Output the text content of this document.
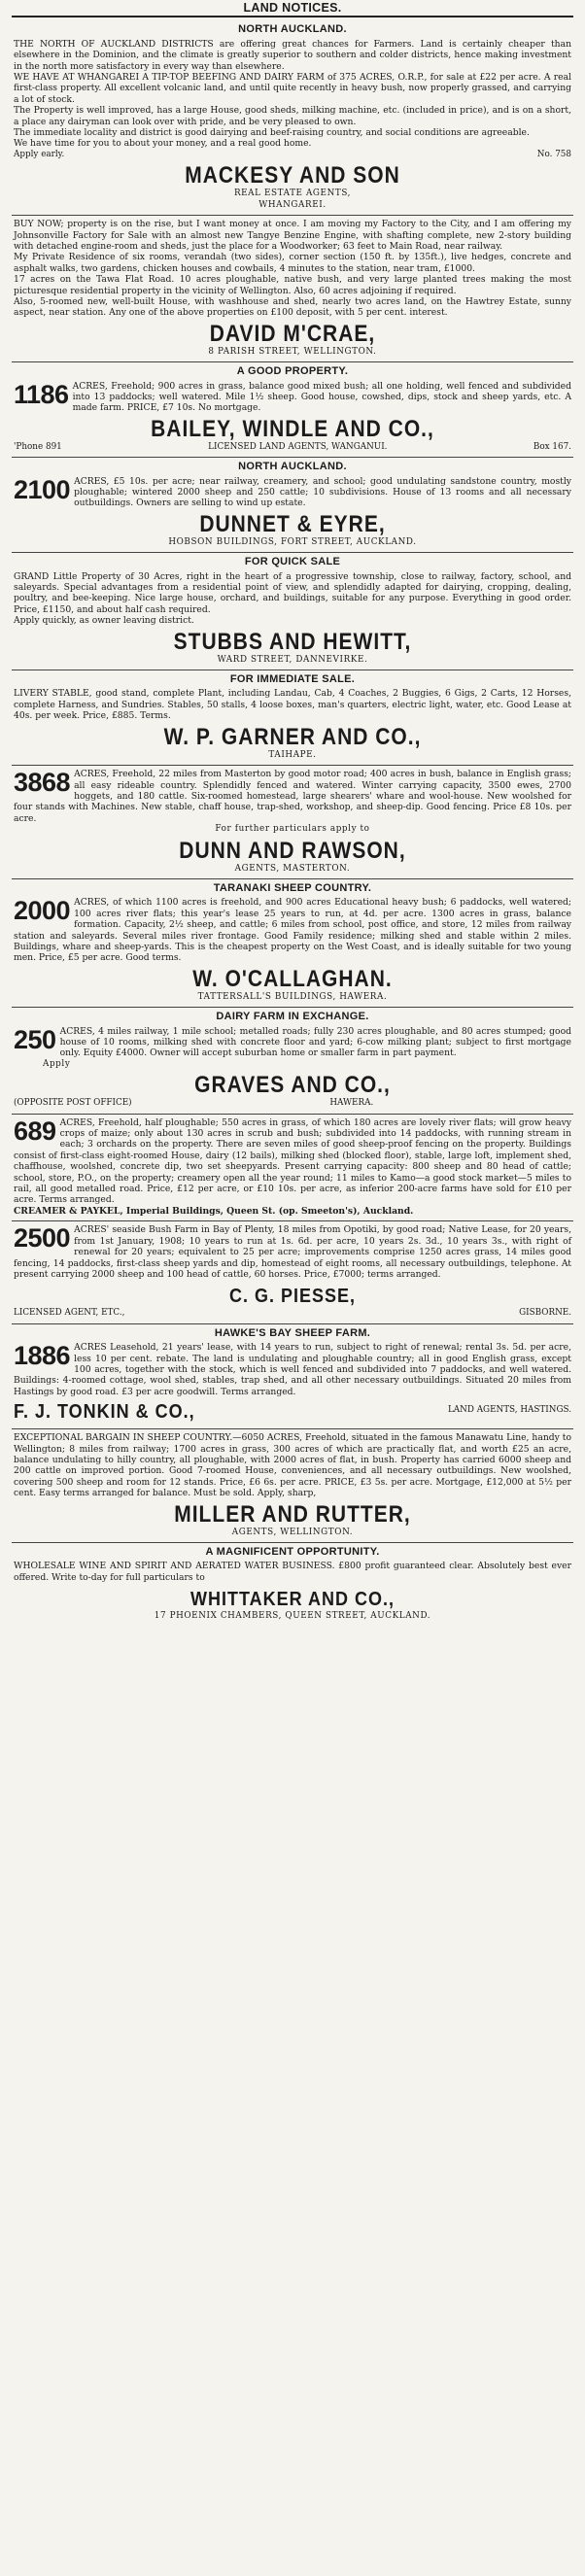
LAND NOTICES.
NORTH AUCKLAND.

THE NORTH OF AUCKLAND DISTRICTS are offering great chances for Farmers. Land is certainly cheaper than elsewhere in the Dominion, and the climate is greatly superior to southern and colder districts, hence making investment in the north more satisfactory in every way than elsewhere.

WE HAVE AT WHANGAREI A TIP-TOP BEEFING AND DAIRY FARM of 375 ACRES, O.R.P., for sale at £22 per acre. A real first-class property. All excellent volcanic land, and until quite recently in heavy bush, now properly grassed, and carrying a lot of stock.

The Property is well improved, has a large House, good sheds, milking machine, etc. (included in price), and is on a short, a place any dairyman can look over with pride, and be very pleased to own.

The immediate locality and district is good dairying and beef-raising country, and social conditions are agreeable.

We have time for you to about your money, and a real good home.

Apply early.	No. 758
MACKESY AND SON
REAL ESTATE AGENTS,
WHANGAREI.

BUY NOW; property is on the rise, but I want money at once. I am moving my Factory to the City, and I am offering my Johnsonville Factory for Sale with an almost new Tangye Benzine Engine, with shafting complete, new 2-story building with detached engine-room and sheds, just the place for a Woodworker; 63 feet to Main Road, near railway.

My Private Residence of six rooms, verandah (two sides), corner section (150 ft. by 135ft.), live hedges, concrete and asphalt walks, two gardens, chicken houses and cowbails, 4 minutes to the station, near tram, £1000.

17 acres on the Tawa Flat Road. 10 acres ploughable, native bush, and very large planted trees making the most picturesque residential property in the vicinity of Wellington. Also, 60 acres adjoining if required.

Also, 5-roomed new, well-built House, with washhouse and shed, nearly two acres land, on the Hawtrey Estate, sunny aspect, near station. Any one of the above properties on £100 deposit, with 5 per cent. interest.

DAVID M'CRAE,
8 PARISH STREET, WELLINGTON.
A GOOD PROPERTY.
1186 ACRES, Freehold; 900 acres in grass, balance good mixed bush; all one holding, well fenced and subdivided into 13 paddocks; well watered. Mile 1½ sheep. Good house, cowshed, dips, stock and sheep yards, etc. A made farm. PRICE, £7 10s. No mortgage.

BAILEY, WINDLE AND CO.,
'Phone 891	LICENSED LAND AGENTS, WANGANUI.	Box 167.
NORTH AUCKLAND.
2100 ACRES, £5 10s. per acre; near railway, creamery, and school; good undulating sandstone country, mostly ploughable; wintered 2000 sheep and 250 cattle; 10 subdivisions. House of 13 rooms and all necessary outbuildings. Owners are selling to wind up estate.

DUNNET & EYRE,
HOBSON BUILDINGS, FORT STREET, AUCKLAND.
FOR QUICK SALE

GRAND Little Property of 30 Acres, right in the heart of a progressive township, close to railway, factory, school, and saleyards. Special advantages from a residential point of view, and splendidly adapted for dairying, cropping, dealing, poultry, and bee-keeping. Nice large house, orchard, and buildings, suitable for any purpose. Everything in good order. Price, £1150, and about half cash required.

Apply quickly, as owner leaving district.

STUBBS AND HEWITT,
WARD STREET, DANNEVIRKE.
FOR IMMEDIATE SALE.

LIVERY STABLE, good stand, complete Plant, including Landau, Cab, 4 Coaches, 2 Buggies, 6 Gigs, 2 Carts, 12 Horses, complete Harness, and Sundries. Stables, 50 stalls, 4 loose boxes, man's quarters, electric light, water, etc. Good Lease at 40s. per week. Price, £885. Terms.

W. P. GARNER AND CO.,
TAIHAPE.
3868 ACRES, Freehold, 22 miles from Masterton by good motor road; 400 acres in bush, balance in English grass; all easy rideable country. Splendidly fenced and watered. Winter carrying capacity, 3500 ewes, 2700 hoggets, and 180 cattle. Six-roomed homestead, large shearers' whare and wool-house. New woolshed for four stands with Machines. New stable, chaff house, trap-shed, workshop, and sheep-dip. Good fencing. Price £8 10s. per acre.

For further particulars apply to
DUNN AND RAWSON,
AGENTS, MASTERTON.
TARANAKI SHEEP COUNTRY.
2000 ACRES, of which 1100 acres is freehold, and 900 acres Educational heavy bush; 6 paddocks, well watered; 100 acres river flats; this year's lease 25 years to run, at 4d. per acre. 1300 acres in grass, balance formation. Capacity, 2½ sheep, and cattle; 6 miles from school, post office, and store, 12 miles from railway station and saleyards. Several miles river frontage. Good Family residence; milking shed and stable within 2 miles. Buildings, whare and sheep-yards. This is the cheapest property on the West Coast, and is ideally suitable for two young men. Price, £5 per acre. Good terms.

W. O'CALLAGHAN.
TATTERSALL'S BUILDINGS, HAWERA.
DAIRY FARM IN EXCHANGE.
250 ACRES, 4 miles railway, 1 mile school; metalled roads; fully 230 acres ploughable, and 80 acres stumped; good house of 10 rooms, milking shed with concrete floor and yard; 6-cow milking plant; subject to first mortgage only. Equity £4000. Owner will accept suburban home or smaller farm in part payment.

Apply
GRAVES AND CO.,
(OPPOSITE POST OFFICE)	HAWERA.
689 ACRES, Freehold, half ploughable; 550 acres in grass, of which 180 acres are lovely river flats; will grow heavy crops of maize; only about 130 acres in scrub and bush; subdivided into 14 paddocks, with running stream in each; 3 orchards on the property. There are seven miles of good sheep-proof fencing on the property. Buildings consist of first-class eight-roomed House, dairy (12 bails), milking shed (blocked floor), stable, large loft, implement shed, chaffhouse, woolshed, concrete dip, two set sheepyards. Present carrying capacity: 800 sheep and 80 head of cattle; school, store, P.O., on the property; creamery open all the year round; 11 miles to Kamo—a good stock market—5 miles to rail, all good metalled road. Price, £12 per acre, or £10 10s. per acre, as inferior 200-acre farms have sold for £10 per acre. Terms arranged.

CREAMER & PAYKEL, Imperial Buildings, Queen St. (op. Smeeton's), Auckland.

2500 ACRES' seaside Bush Farm in Bay of Plenty, 18 miles from Opotiki, by good road; Native Lease, for 20 years, from 1st January, 1908; 10 years to run at 1s. 6d. per acre, 10 years 2s. 3d., 10 years 3s., with right of renewal for 20 years; equivalent to 25 per acre; improvements comprise 1250 acres grass, 14 miles good fencing, 14 paddocks, first-class sheep yards and dip, homestead of eight rooms, all necessary outbuildings, telephone. At present carrying 2000 sheep and 100 head of cattle, 60 horses. Price, £7000; terms arranged.

C. G. PIESSE,
LICENSED AGENT, ETC.,	GISBORNE.
HAWKE'S BAY SHEEP FARM.
1886 ACRES Leasehold, 21 years' lease, with 14 years to run, subject to right of renewal; rental 3s. 5d. per acre, less 10 per cent. rebate. The land is undulating and ploughable country; all in good English grass, except 100 acres, together with the stock, which is well fenced and subdivided into 7 paddocks, and well watered. Buildings: 4-roomed cottage, wool shed, stables, trap shed, and all other necessary outbuildings. Situated 20 miles from Hastings by good road. £3 per acre goodwill. Terms arranged.

F. J. TONKIN & CO.,	LAND AGENTS, HASTINGS.

EXCEPTIONAL BARGAIN IN SHEEP COUNTRY.—6050 ACRES, Freehold, situated in the famous Manawatu Line, handy to Wellington; 8 miles from railway; 1700 acres in grass, 300 acres of which are practically flat, and worth £25 an acre, balance undulating to hilly country, all ploughable, with 2000 acres of flat, in bush. Property has carried 6000 sheep and 200 cattle on improved portion. Good 7-roomed House, conveniences, and all necessary outbuildings. New woolshed, covering 500 sheep and room for 12 stands. Price, £6 6s. per acre. PRICE, £3 5s. per acre. Mortgage, £12,000 at 5½ per cent. Easy terms arranged for balance. Must be sold. Apply, sharp,

MILLER AND RUTTER,
AGENTS, WELLINGTON.
A MAGNIFICENT OPPORTUNITY.

WHOLESALE WINE AND SPIRIT AND AERATED WATER BUSINESS. £800 profit guaranteed clear. Absolutely best ever offered. Write to-day for full particulars to

WHITTAKER AND CO.,
17 PHOENIX CHAMBERS, QUEEN STREET, AUCKLAND.
